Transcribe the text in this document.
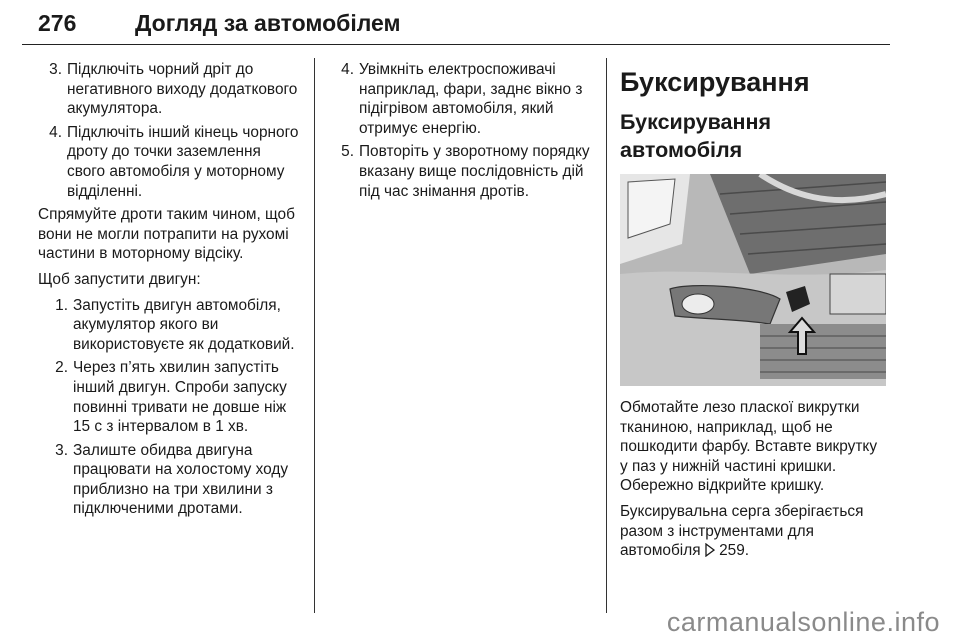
276	Догляд за автомобілем
3. Підключіть чорний дріт до негативного виходу додаткового акумулятора.
4. Підключіть інший кінець чорного дроту до точки заземлення свого автомобіля у моторному відділенні.

Спрямуйте дроти таким чином, щоб вони не могли потрапити на рухомі частини в моторному відсіку.

Щоб запустити двигун:

1. Запустіть двигун автомобіля, акумулятор якого ви використовуєте як додатковий.
2. Через п’ять хвилин запустіть інший двигун. Спроби запуску повинні тривати не довше ніж 15 с з інтервалом в 1 хв.
3. Залиште обидва двигуна працювати на холостому ходу приблизно на три хвилини з підключеними дротами.
4. Увімкніть електроспоживачі наприклад, фари, заднє вікно з підігрівом автомобіля, який отримує енергію.
5. Повторіть у зворотному порядку вказану вище послідовність дій під час знімання дротів.
Буксирування
Буксирування автомобіля

Обмотайте лезо пласкої викрутки тканиною, наприклад, щоб не пошкодити фарбу. Вставте викрутку у паз у нижній частині кришки. Обережно відкрийте кришку.

Буксирувальна серга зберігається разом з інструментами для автомобіля 259.

carmanualsonline.info
